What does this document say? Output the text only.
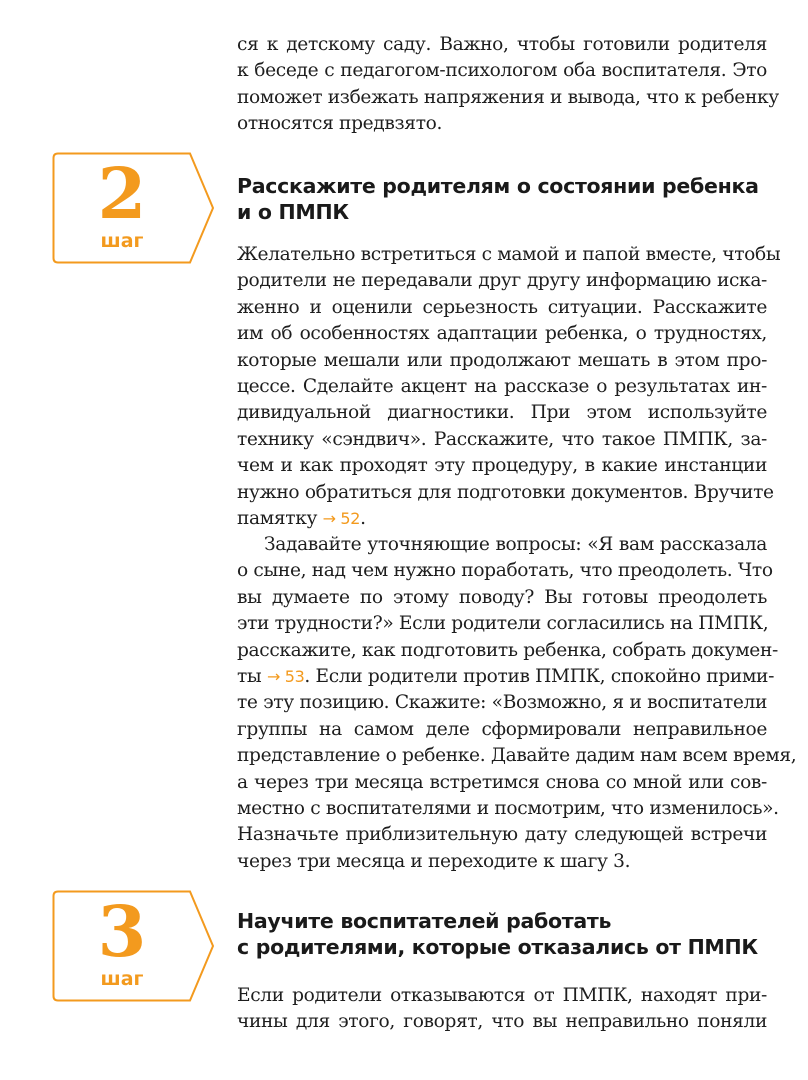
ся к детскому саду. Важно, чтобы готовили родителя
к беседе с педагогом-психологом оба воспитателя. Это
поможет избежать напряжения и вывода, что к ребенку
относятся предвзято.
2
шаг
Расскажите родителям о состоянии ребенка
и о ПМПК
Желательно встретиться с мамой и папой вместе, чтобы
родители не передавали друг другу информацию иска-
женно и оценили серьезность ситуации. Расскажите
им об особенностях адаптации ребенка, о трудностях,
которые мешали или продолжают мешать в этом про-
цессе. Сделайте акцент на рассказе о результатах ин-
дивидуальной диагностики. При этом используйте
технику «сэндвич». Расскажите, что такое ПМПК, за-
чем и как проходят эту процедуру, в какие инстанции
нужно обратиться для подготовки документов. Вручите
памятку → 52.
Задавайте уточняющие вопросы: «Я вам рассказала
о сыне, над чем нужно поработать, что преодолеть. Что
вы думаете по этому поводу? Вы готовы преодолеть
эти трудности?» Если родители согласились на ПМПК,
расскажите, как подготовить ребенка, собрать докумен-
ты → 53. Если родители против ПМПК, спокойно прими-
те эту позицию. Скажите: «Возможно, я и воспитатели
группы на самом деле сформировали неправильное
представление о ребенке. Давайте дадим нам всем время,
а через три месяца встретимся снова со мной или сов-
местно с воспитателями и посмотрим, что изменилось».
Назначьте приблизительную дату следующей встречи
через три месяца и переходите к шагу 3.
3
шаг
Научите воспитателей работать
с родителями, которые отказались от ПМПК
Если родители отказываются от ПМПК, находят при-
чины для этого, говорят, что вы неправильно поняли
